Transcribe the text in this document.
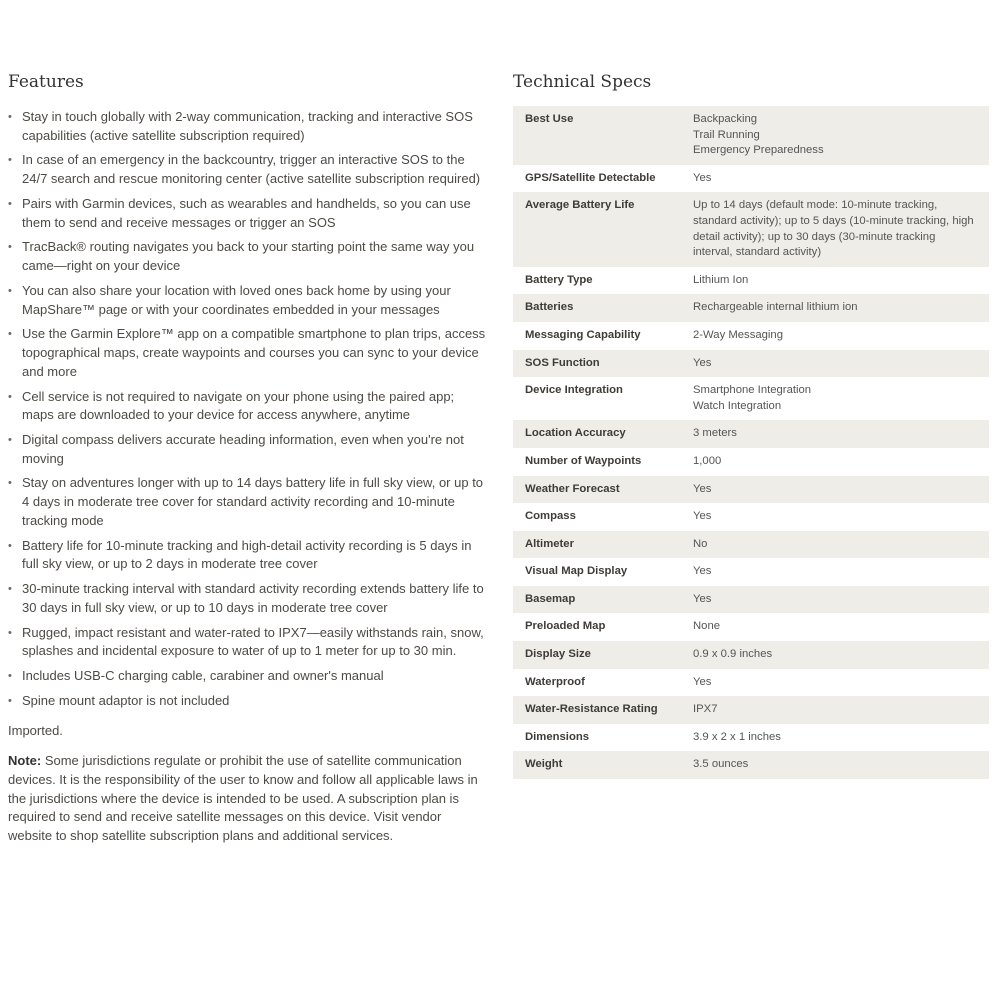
Features
• Stay in touch globally with 2-way communication, tracking and interactive SOS capabilities (active satellite subscription required)
• In case of an emergency in the backcountry, trigger an interactive SOS to the 24/7 search and rescue monitoring center (active satellite subscription required)
• Pairs with Garmin devices, such as wearables and handhelds, so you can use them to send and receive messages or trigger an SOS
• TracBack® routing navigates you back to your starting point the same way you came—right on your device
• You can also share your location with loved ones back home by using your MapShare™ page or with your coordinates embedded in your messages
• Use the Garmin Explore™ app on a compatible smartphone to plan trips, access topographical maps, create waypoints and courses you can sync to your device and more
• Cell service is not required to navigate on your phone using the paired app; maps are downloaded to your device for access anywhere, anytime
• Digital compass delivers accurate heading information, even when you're not moving
• Stay on adventures longer with up to 14 days battery life in full sky view, or up to 4 days in moderate tree cover for standard activity recording and 10-minute tracking mode
• Battery life for 10-minute tracking and high-detail activity recording is 5 days in full sky view, or up to 2 days in moderate tree cover
• 30-minute tracking interval with standard activity recording extends battery life to 30 days in full sky view, or up to 10 days in moderate tree cover
• Rugged, impact resistant and water-rated to IPX7—easily withstands rain, snow, splashes and incidental exposure to water of up to 1 meter for up to 30 min.
• Includes USB-C charging cable, carabiner and owner's manual
• Spine mount adaptor is not included
Imported.
Note: Some jurisdictions regulate or prohibit the use of satellite communication devices. It is the responsibility of the user to know and follow all applicable laws in the jurisdictions where the device is intended to be used. A subscription plan is required to send and receive satellite messages on this device. Visit vendor website to shop satellite subscription plans and additional services.
Technical Specs
Best Use	Backpacking
Trail Running
Emergency Preparedness

GPS/Satellite Detectable	Yes

Average Battery Life	Up to 14 days (default mode: 10-minute tracking, standard activity); up to 5 days (10-minute tracking, high detail activity); up to 30 days (30-minute tracking interval, standard activity)

Battery Type	Lithium Ion

Batteries	Rechargeable internal lithium ion

Messaging Capability	2-Way Messaging

SOS Function	Yes

Device Integration	Smartphone Integration
Watch Integration

Location Accuracy	3 meters

Number of Waypoints	1,000

Weather Forecast	Yes

Compass	Yes

Altimeter	No

Visual Map Display	Yes

Basemap	Yes

Preloaded Map	None

Display Size	0.9 x 0.9 inches

Waterproof	Yes

Water-Resistance Rating	IPX7

Dimensions	3.9 x 2 x 1 inches

Weight	3.5 ounces
